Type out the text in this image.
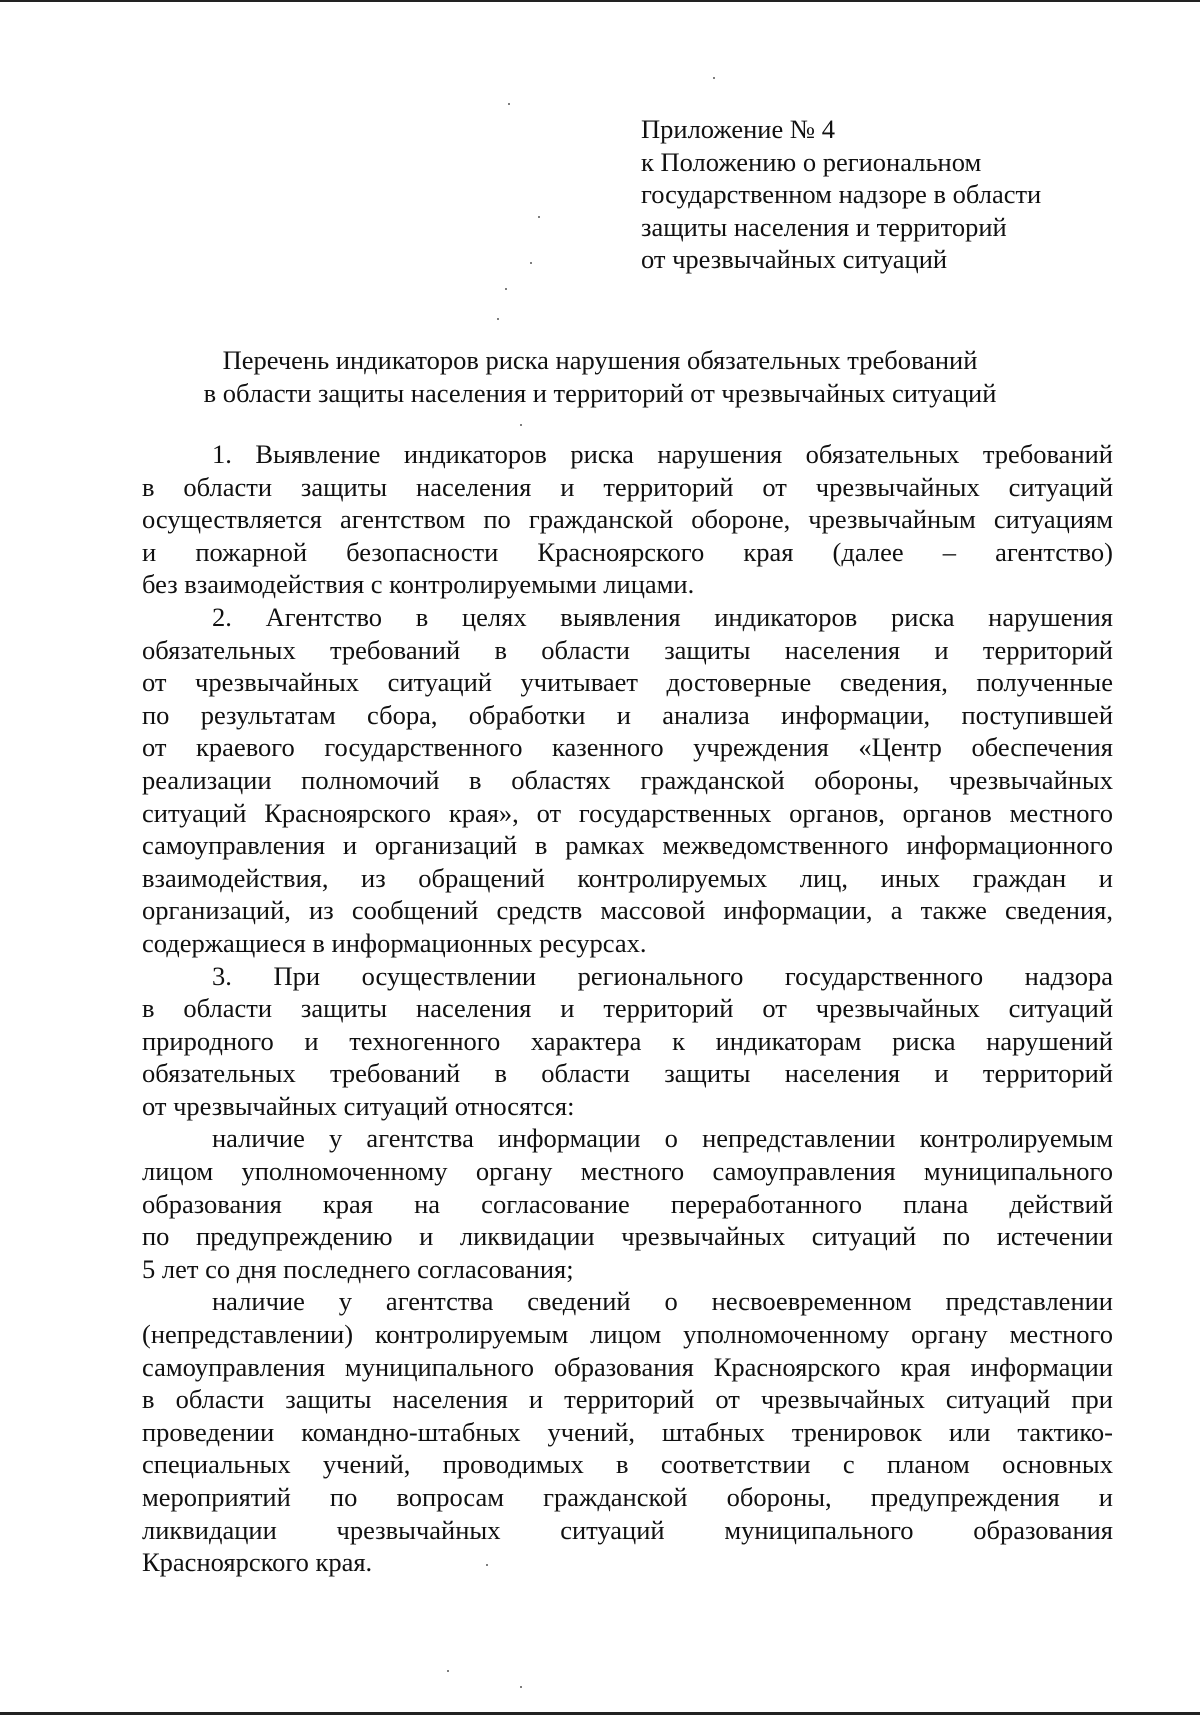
Приложение № 4
к Положению о региональном
государственном надзоре в области
защиты населения и территорий
от чрезвычайных ситуаций
Перечень индикаторов риска нарушения обязательных требований
в области защиты населения и территорий от чрезвычайных ситуаций
1. Выявление индикаторов риска нарушения обязательных требований
в области защиты населения и территорий от чрезвычайных ситуаций
осуществляется агентством по гражданской обороне, чрезвычайным ситуациям
и пожарной безопасности Красноярского края (далее – агентство)
без взаимодействия с контролируемыми лицами.
2. Агентство в целях выявления индикаторов риска нарушения
обязательных требований в области защиты населения и территорий
от чрезвычайных ситуаций учитывает достоверные сведения, полученные
по результатам сбора, обработки и анализа информации, поступившей
от краевого государственного казенного учреждения «Центр обеспечения
реализации полномочий в областях гражданской обороны, чрезвычайных
ситуаций Красноярского края», от государственных органов, органов местного
самоуправления и организаций в рамках межведомственного информационного
взаимодействия, из обращений контролируемых лиц, иных граждан и
организаций, из сообщений средств массовой информации, а также сведения,
содержащиеся в информационных ресурсах.
3. При осуществлении регионального государственного надзора
в области защиты населения и территорий от чрезвычайных ситуаций
природного и техногенного характера к индикаторам риска нарушений
обязательных требований в области защиты населения и территорий
от чрезвычайных ситуаций относятся:
наличие у агентства информации о непредставлении контролируемым
лицом уполномоченному органу местного самоуправления муниципального
образования края на согласование переработанного плана действий
по предупреждению и ликвидации чрезвычайных ситуаций по истечении
5 лет со дня последнего согласования;
наличие у агентства сведений о несвоевременном представлении
(непредставлении) контролируемым лицом уполномоченному органу местного
самоуправления муниципального образования Красноярского края информации
в области защиты населения и территорий от чрезвычайных ситуаций при
проведении командно-штабных учений, штабных тренировок или тактико-
специальных учений, проводимых в соответствии с планом основных
мероприятий по вопросам гражданской обороны, предупреждения и
ликвидации чрезвычайных ситуаций муниципального образования
Красноярского края.
